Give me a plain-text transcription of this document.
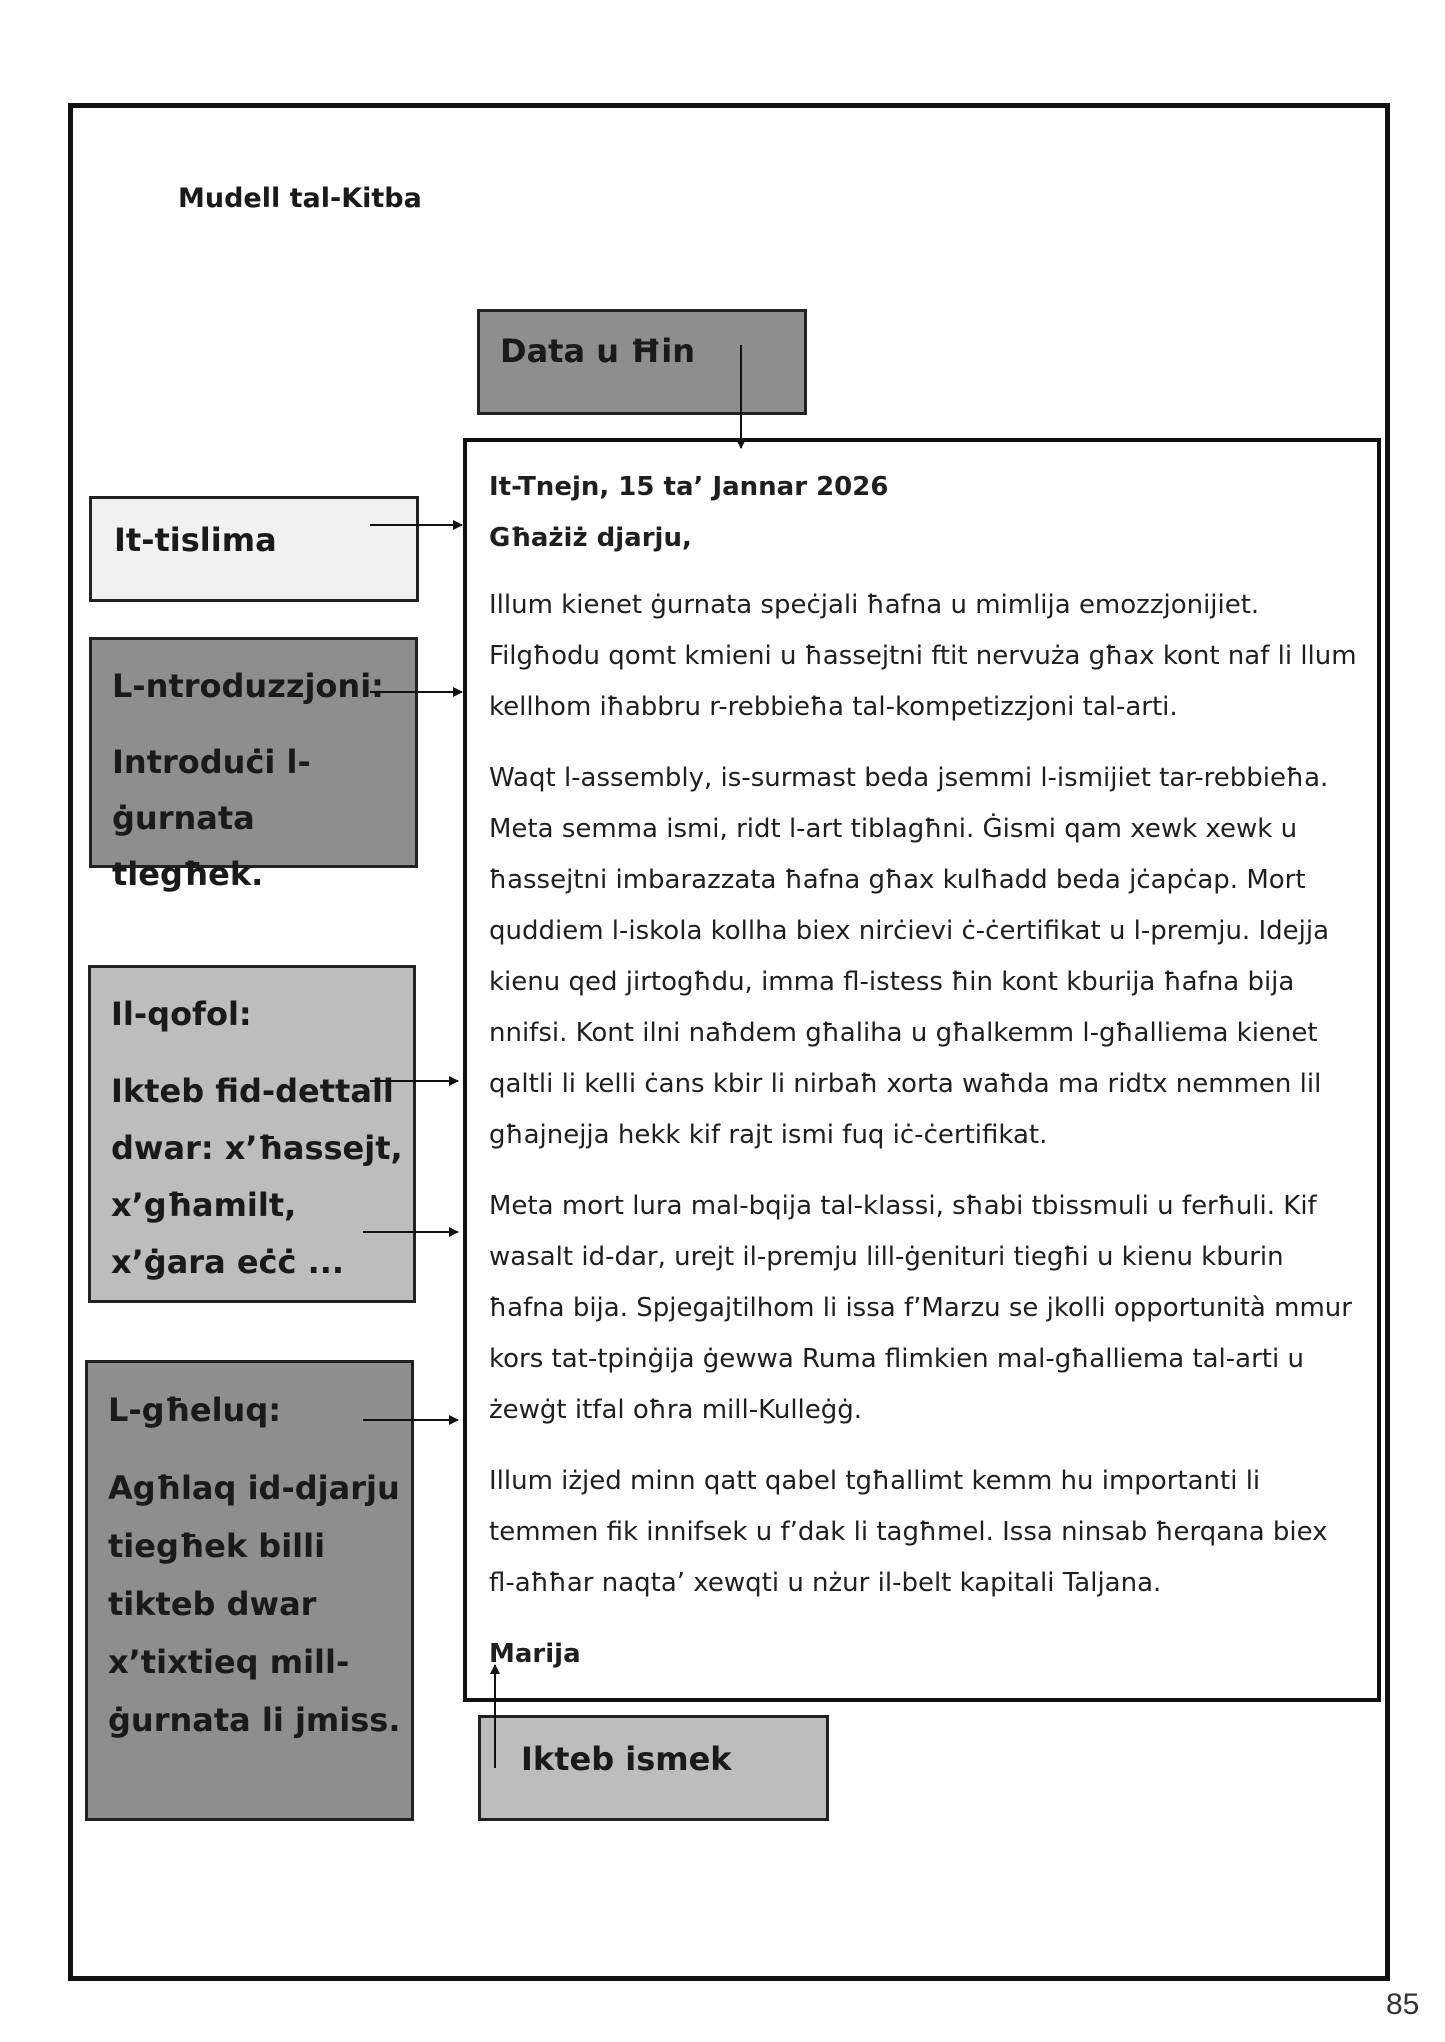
Mudell tal-Kitba
Data u Ħin
It-tislima
L-ntroduzzjoni:
Introduċi l-ġurnata tiegħek.
Il-qofol:
Ikteb fid-dettall dwar: x’ħassejt, x’għamilt, x’ġara eċċ ...
L-għeluq:
Agħlaq id-djarju tiegħek billi tikteb dwar x’tixtieq mill-ġurnata li jmiss.
It-Tnejn, 15 ta’ Jannar 2026
Għażiż djarju,

Illum kienet ġurnata speċjali ħafna u mimlija emozzjonijiet. Filgħodu qomt kmieni u ħassejtni ftit nervuża għax kont naf li llum kellhom iħabbru r-rebbieħa tal-kompetizzjoni tal-arti.

Waqt l-assembly, is-surmast beda jsemmi l-ismijiet tar-rebbieħa. Meta semma ismi, ridt l-art tiblagħni. Ġismi qam xewk xewk u ħassejtni imbarazzata ħafna għax kulħadd beda jċapċap. Mort quddiem l-iskola kollha biex nirċievi ċ-ċertifikat u l-premju. Idejja kienu qed jirtogħdu, imma fl-istess ħin kont kburija ħafna bija nnifsi. Kont ilni naħdem għaliha u għalkemm l-għalliema kienet qaltli li kelli ċans kbir li nirbaħ xorta waħda ma ridtx nemmen lil għajnejja hekk kif rajt ismi fuq iċ-ċertifikat.

Meta mort lura mal-bqija tal-klassi, sħabi tbissmuli u ferħuli. Kif wasalt id-dar, urejt il-premju lill-ġenituri tiegħi u kienu kburin ħafna bija. Spjegajtilhom li issa f’Marzu se jkolli opportunità mmur kors tat-tpinġija ġewwa Ruma flimkien mal-għalliema tal-arti u żewġt itfal oħra mill-Kulleġġ.

Illum iżjed minn qatt qabel tgħallimt kemm hu importanti li temmen fik innifsek u f’dak li tagħmel. Issa ninsab ħerqana biex fl-aħħar naqta’ xewqti u nżur il-belt kapitali Taljana.

Marija
Ikteb ismek
85
